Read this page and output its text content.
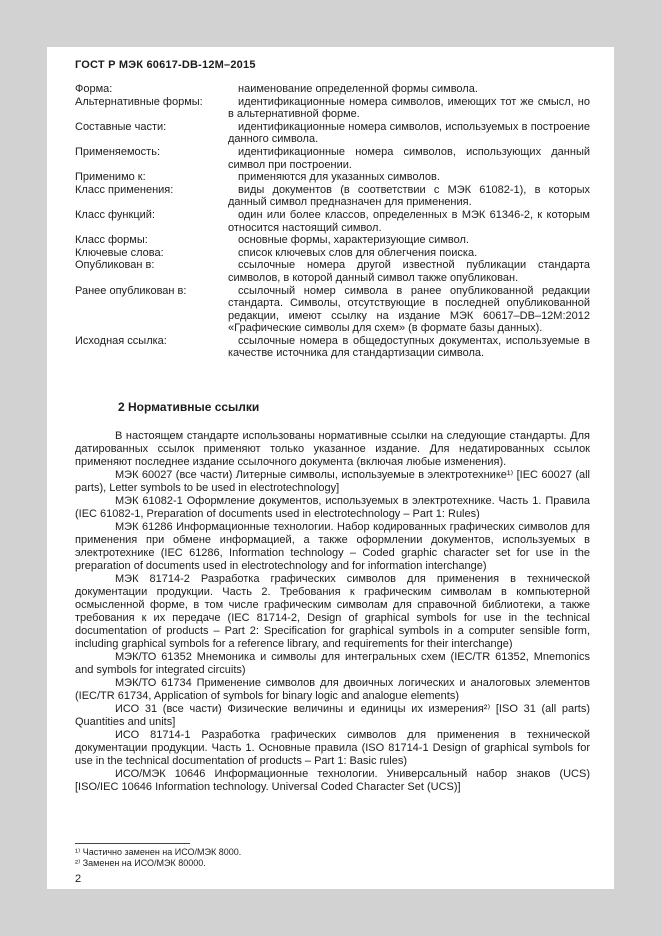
ГОСТ Р МЭК 60617-DB-12M–2015
Форма:	наименование определенной формы символа.
Альтернативные формы:	идентификационные номера символов, имеющих тот же смысл, но в альтернативной форме.
Составные части:	идентификационные номера символов, используемых в построение данного символа.
Применяемость:	идентификационные номера символов, использующих данный символ при построении.
Применимо к:	применяются для указанных символов.
Класс применения:	виды документов (в соответствии с МЭК 61082-1), в которых данный символ предназначен для применения.
Класс функций:	один или более классов, определенных в МЭК 61346-2, к которым относится настоящий символ.
Класс формы:	основные формы, характеризующие символ.
Ключевые слова:	список ключевых слов для облегчения поиска.
Опубликован в:	ссылочные номера другой известной публикации стандарта символов, в которой данный символ также опубликован.
Ранее опубликован в:	ссылочный номер символа в ранее опубликованной редакции стандарта. Символы, отсутствующие в последней опубликованной редакции, имеют ссылку на издание МЭК 60617–DB–12M:2012 «Графические символы для схем» (в формате базы данных).
Исходная ссылка:	ссылочные номера в общедоступных документах, используемые в качестве источника для стандартизации символа.
2 Нормативные ссылки

В настоящем стандарте использованы нормативные ссылки на следующие стандарты. Для датированных ссылок применяют только указанное издание. Для недатированных ссылок применяют последнее издание ссылочного документа (включая любые изменения).

МЭК 60027 (все части) Литерные символы, используемые в электротехнике¹⁾ [IEC 60027 (all parts), Letter symbols to be used in electrotechnology]

МЭК 61082-1 Оформление документов, используемых в электротехнике. Часть 1. Правила (IEC 61082-1, Preparation of documents used in electrotechnology – Part 1: Rules)

МЭК 61286 Информационные технологии. Набор кодированных графических символов для применения при обмене информацией, а также оформлении документов, используемых в электротехнике (IEC 61286, Information technology – Coded graphic character set for use in the preparation of documents used in electrotechnology and for information interchange)

МЭК 81714-2 Разработка графических символов для применения в технической документации продукции. Часть 2. Требования к графическим символам в компьютерной осмысленной форме, в том числе графическим символам для справочной библиотеки, а также требования к их передаче (IEC 81714-2, Design of graphical symbols for use in the technical documentation of products – Part 2: Specification for graphical symbols in a computer sensible form, including graphical symbols for a reference library, and requirements for their interchange)

МЭК/ТО 61352 Мнемоника и символы для интегральных схем (IEC/TR 61352, Mnemonics and symbols for integrated circuits)

МЭК/ТО 61734 Применение символов для двоичных логических и аналоговых элементов (IEC/TR 61734, Application of symbols for binary logic and analogue elements)

ИСО 31 (все части) Физические величины и единицы их измерения²⁾ [ISO 31 (all parts) Quantities and units]

ИСО 81714-1 Разработка графических символов для применения в технической документации продукции. Часть 1. Основные правила (ISO 81714-1 Design of graphical symbols for use in the technical documentation of products – Part 1: Basic rules)

ИСО/МЭК 10646 Информационные технологии. Универсальный набор знаков (UCS) [ISO/IEC 10646 Information technology. Universal Coded Character Set (UCS)]

¹⁾ Частично заменен на ИСО/МЭК 8000.

²⁾ Заменен на ИСО/МЭК 80000.

2
